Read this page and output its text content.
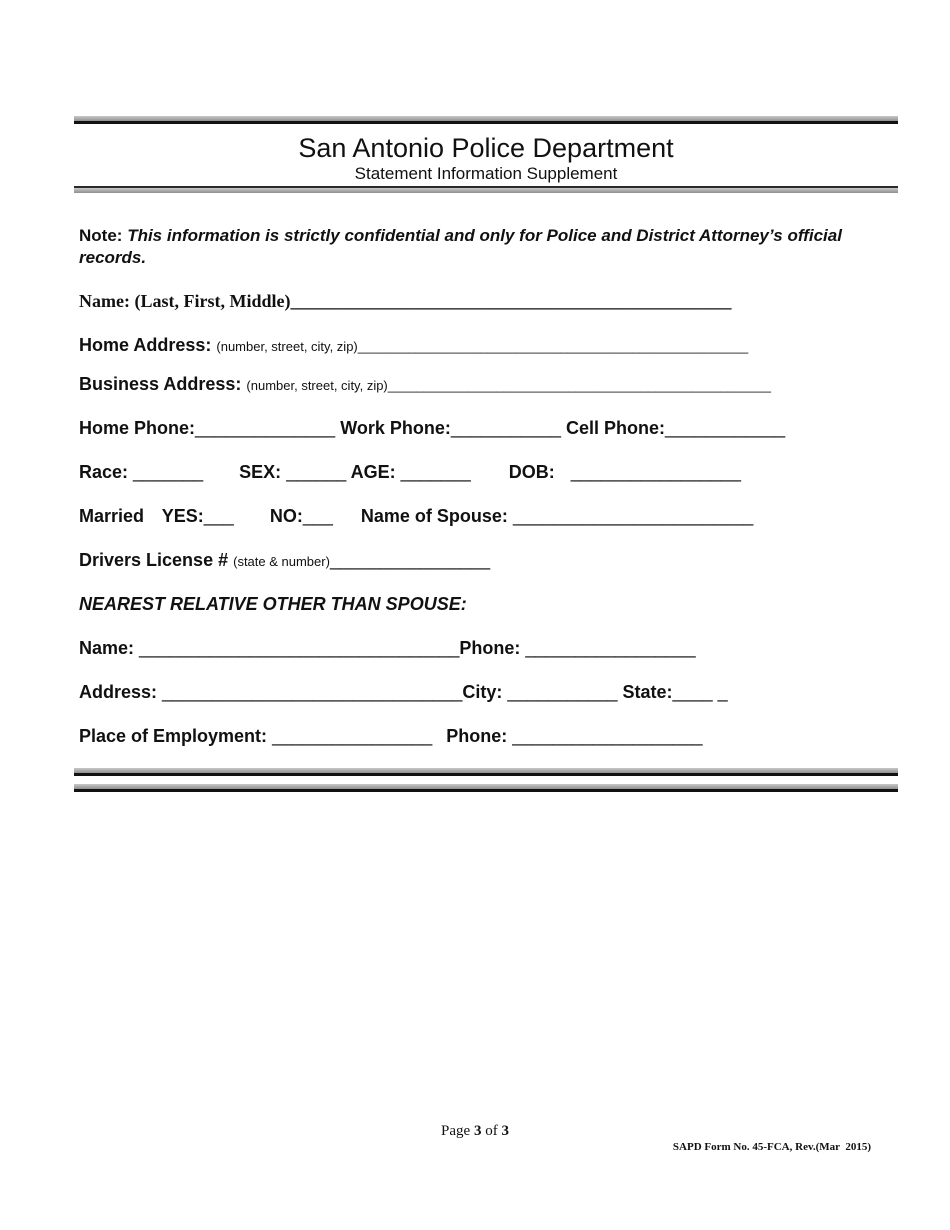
San Antonio Police Department
Statement Information Supplement
Note: This information is strictly confidential and only for Police and District Attorney’s official records.
Name: (Last, First, Middle)_________________________________________________
Home Address: (number, street, city, zip)______________________________________________________
Business Address: (number, street, city, zip)_____________________________________________________
Home Phone:______________ Work Phone:___________ Cell Phone:____________
Race: _______ SEX: ______ AGE: _______ DOB: _________________
Married YES:___ NO:___ Name of Spouse: ________________________
Drivers License # (state & number)________________
NEAREST RELATIVE OTHER THAN SPOUSE:
Name: ________________________________Phone: _________________
Address: ______________________________City: ___________ State:____ _
Place of Employment: ________________ Phone: ___________________
Page 3 of 3
SAPD Form No. 45-FCA, Rev.(Mar  2015)
